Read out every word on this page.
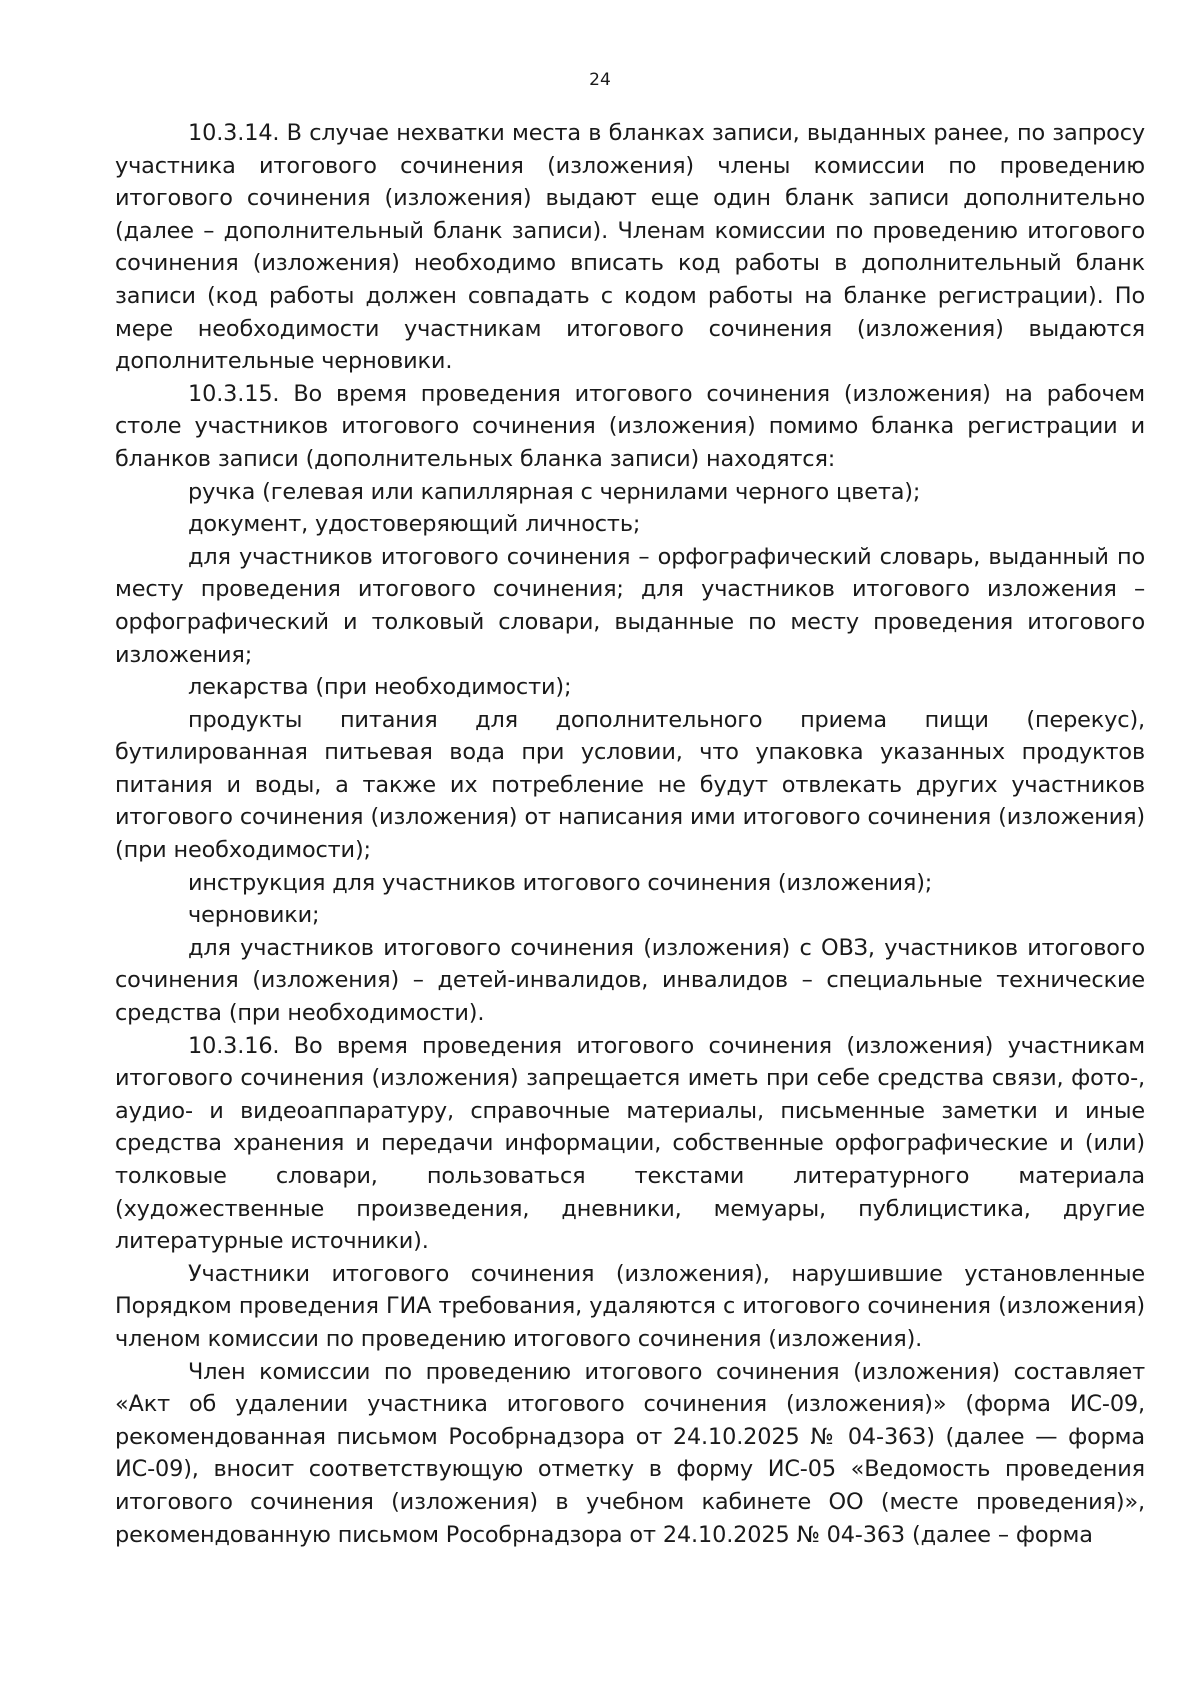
24

10.3.14. В случае нехватки места в бланках записи, выданных ранее, по запросу участника итогового сочинения (изложения) члены комиссии по проведению итогового сочинения (изложения) выдают еще один бланк записи дополнительно (далее – дополнительный бланк записи). Членам комиссии по проведению итогового сочинения (изложения) необходимо вписать код работы в дополнительный бланк записи (код работы должен совпадать с кодом работы на бланке регистрации). По мере необходимости участникам итогового сочинения (изложения) выдаются дополнительные черновики.

10.3.15. Во время проведения итогового сочинения (изложения) на рабочем столе участников итогового сочинения (изложения) помимо бланка регистрации и бланков записи (дополнительных бланка записи) находятся:

ручка (гелевая или капиллярная с чернилами черного цвета);

документ, удостоверяющий личность;

для участников итогового сочинения – орфографический словарь, выданный по месту проведения итогового сочинения; для участников итогового изложения – орфографический и толковый словари, выданные по месту проведения итогового изложения;

лекарства (при необходимости);

продукты питания для дополнительного приема пищи (перекус), бутилированная питьевая вода при условии, что упаковка указанных продуктов питания и воды, а также их потребление не будут отвлекать других участников итогового сочинения (изложения) от написания ими итогового сочинения (изложения) (при необходимости);

инструкция для участников итогового сочинения (изложения);

черновики;

для участников итогового сочинения (изложения) с ОВЗ, участников итогового сочинения (изложения) – детей-инвалидов, инвалидов – специальные технические средства (при необходимости).

10.3.16. Во время проведения итогового сочинения (изложения) участникам итогового сочинения (изложения) запрещается иметь при себе средства связи, фото-, аудио- и видеоаппаратуру, справочные материалы, письменные заметки и иные средства хранения и передачи информации, собственные орфографические и (или) толковые словари, пользоваться текстами литературного материала (художественные произведения, дневники, мемуары, публицистика, другие литературные источники).

Участники итогового сочинения (изложения), нарушившие установленные Порядком проведения ГИА требования, удаляются с итогового сочинения (изложения) членом комиссии по проведению итогового сочинения (изложения).

Член комиссии по проведению итогового сочинения (изложения) составляет «Акт об удалении участника итогового сочинения (изложения)» (форма ИС-09, рекомендованная письмом Рособрнадзора от 24.10.2025 № 04-363) (далее — форма ИС-09), вносит соответствующую отметку в форму ИС-05 «Ведомость проведения итогового сочинения (изложения) в учебном кабинете ОО (месте проведения)», рекомендованную письмом Рособрнадзора от 24.10.2025 № 04-363 (далее – форма
